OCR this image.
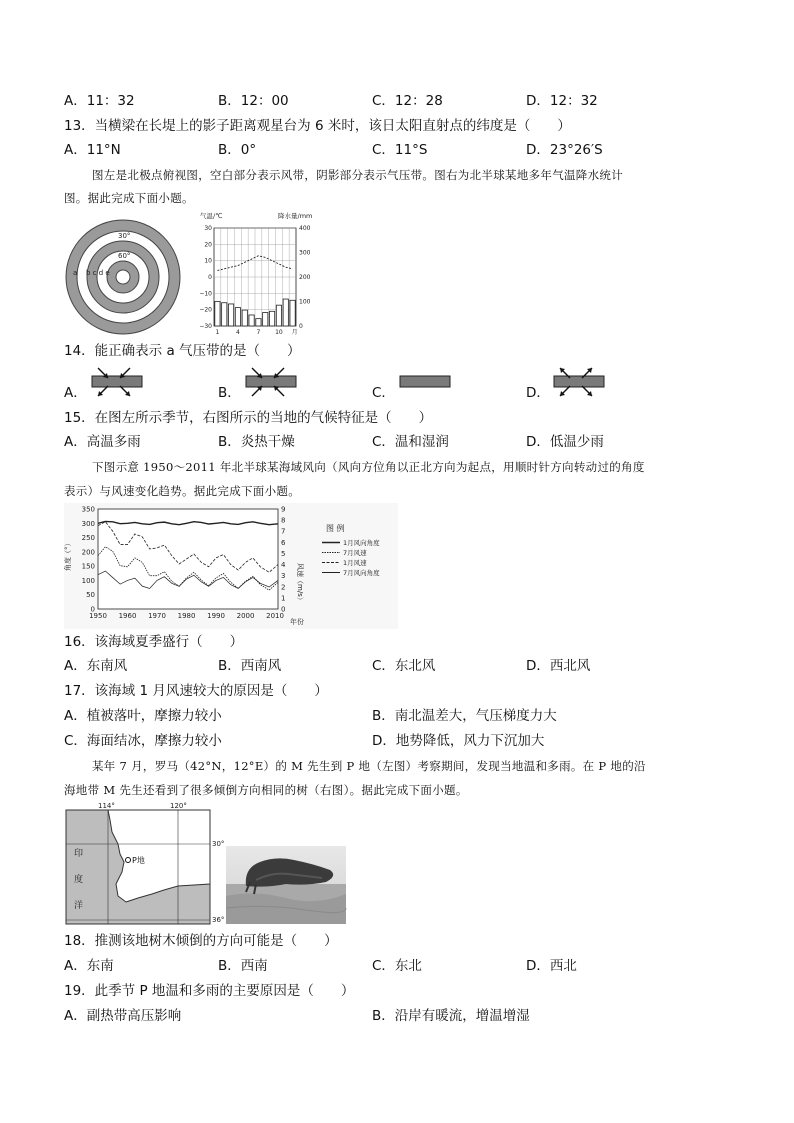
A．11：32	B．12：00	C．12：28	D．12：32
13．当横梁在长堤上的影子距离观星台为 6 米时，该日太阳直射点的纬度是（　　）
A．11°N	B．0°	C．11°S	D．23°26′S
图左是北极点俯视图，空白部分表示风带，阴影部分表示气压带。图右为北半球某地多年气温降水统计
图。据此完成下面小题。
30°
60°
b c d e
a
气温/℃	降水量/mm
30
20
10
0
−10
−20
−30
400
300
200
100
0
1	4	7 10 月
14．能正确表示 a 气压带的是（　　）
A．	B．	C．	D．
15．在图左所示季节，右图所示的当地的气候特征是（　　）
A．高温多雨	B．炎热干燥	C．温和湿润	D．低温少雨
下图示意 1950～2011 年北半球某海域风向（风向方位角以正北方向为起点，用顺时针方向转动过的角度
表示）与风速变化趋势。据此完成下面小题。
350
300
250
200
150
100
50
0
9
8
7
6
5
4
3
2
1
0
1950 1960 1970 1980 1990 2000 2010
角度（°）
风速（m/s）
年份
图 例
1月风向角度
7月风速
1月风速
7月风向角度
16．该海域夏季盛行（　　）
A．东南风	B．西南风	C．东北风	D．西北风
17．该海域 1 月风速较大的原因是（　　）
A．植被落叶，摩擦力较小	B．南北温差大，气压梯度力大
C．海面结冰，摩擦力较小	D．地势降低，风力下沉加大
某年 7 月，罗马（42°N，12°E）的 M 先生到 P 地（左图）考察期间，发现当地温和多雨。在 P 地的沿
海地带 M 先生还看到了很多倾倒方向相同的树（右图）。据此完成下面小题。
114°	120°
30°
36°
印
度
洋
P地
18．推测该地树木倾倒的方向可能是（　　）
A．东南	B．西南	C．东北	D．西北
19．此季节 P 地温和多雨的主要原因是（　　）
A．副热带高压影响	B．沿岸有暖流，增温增湿
